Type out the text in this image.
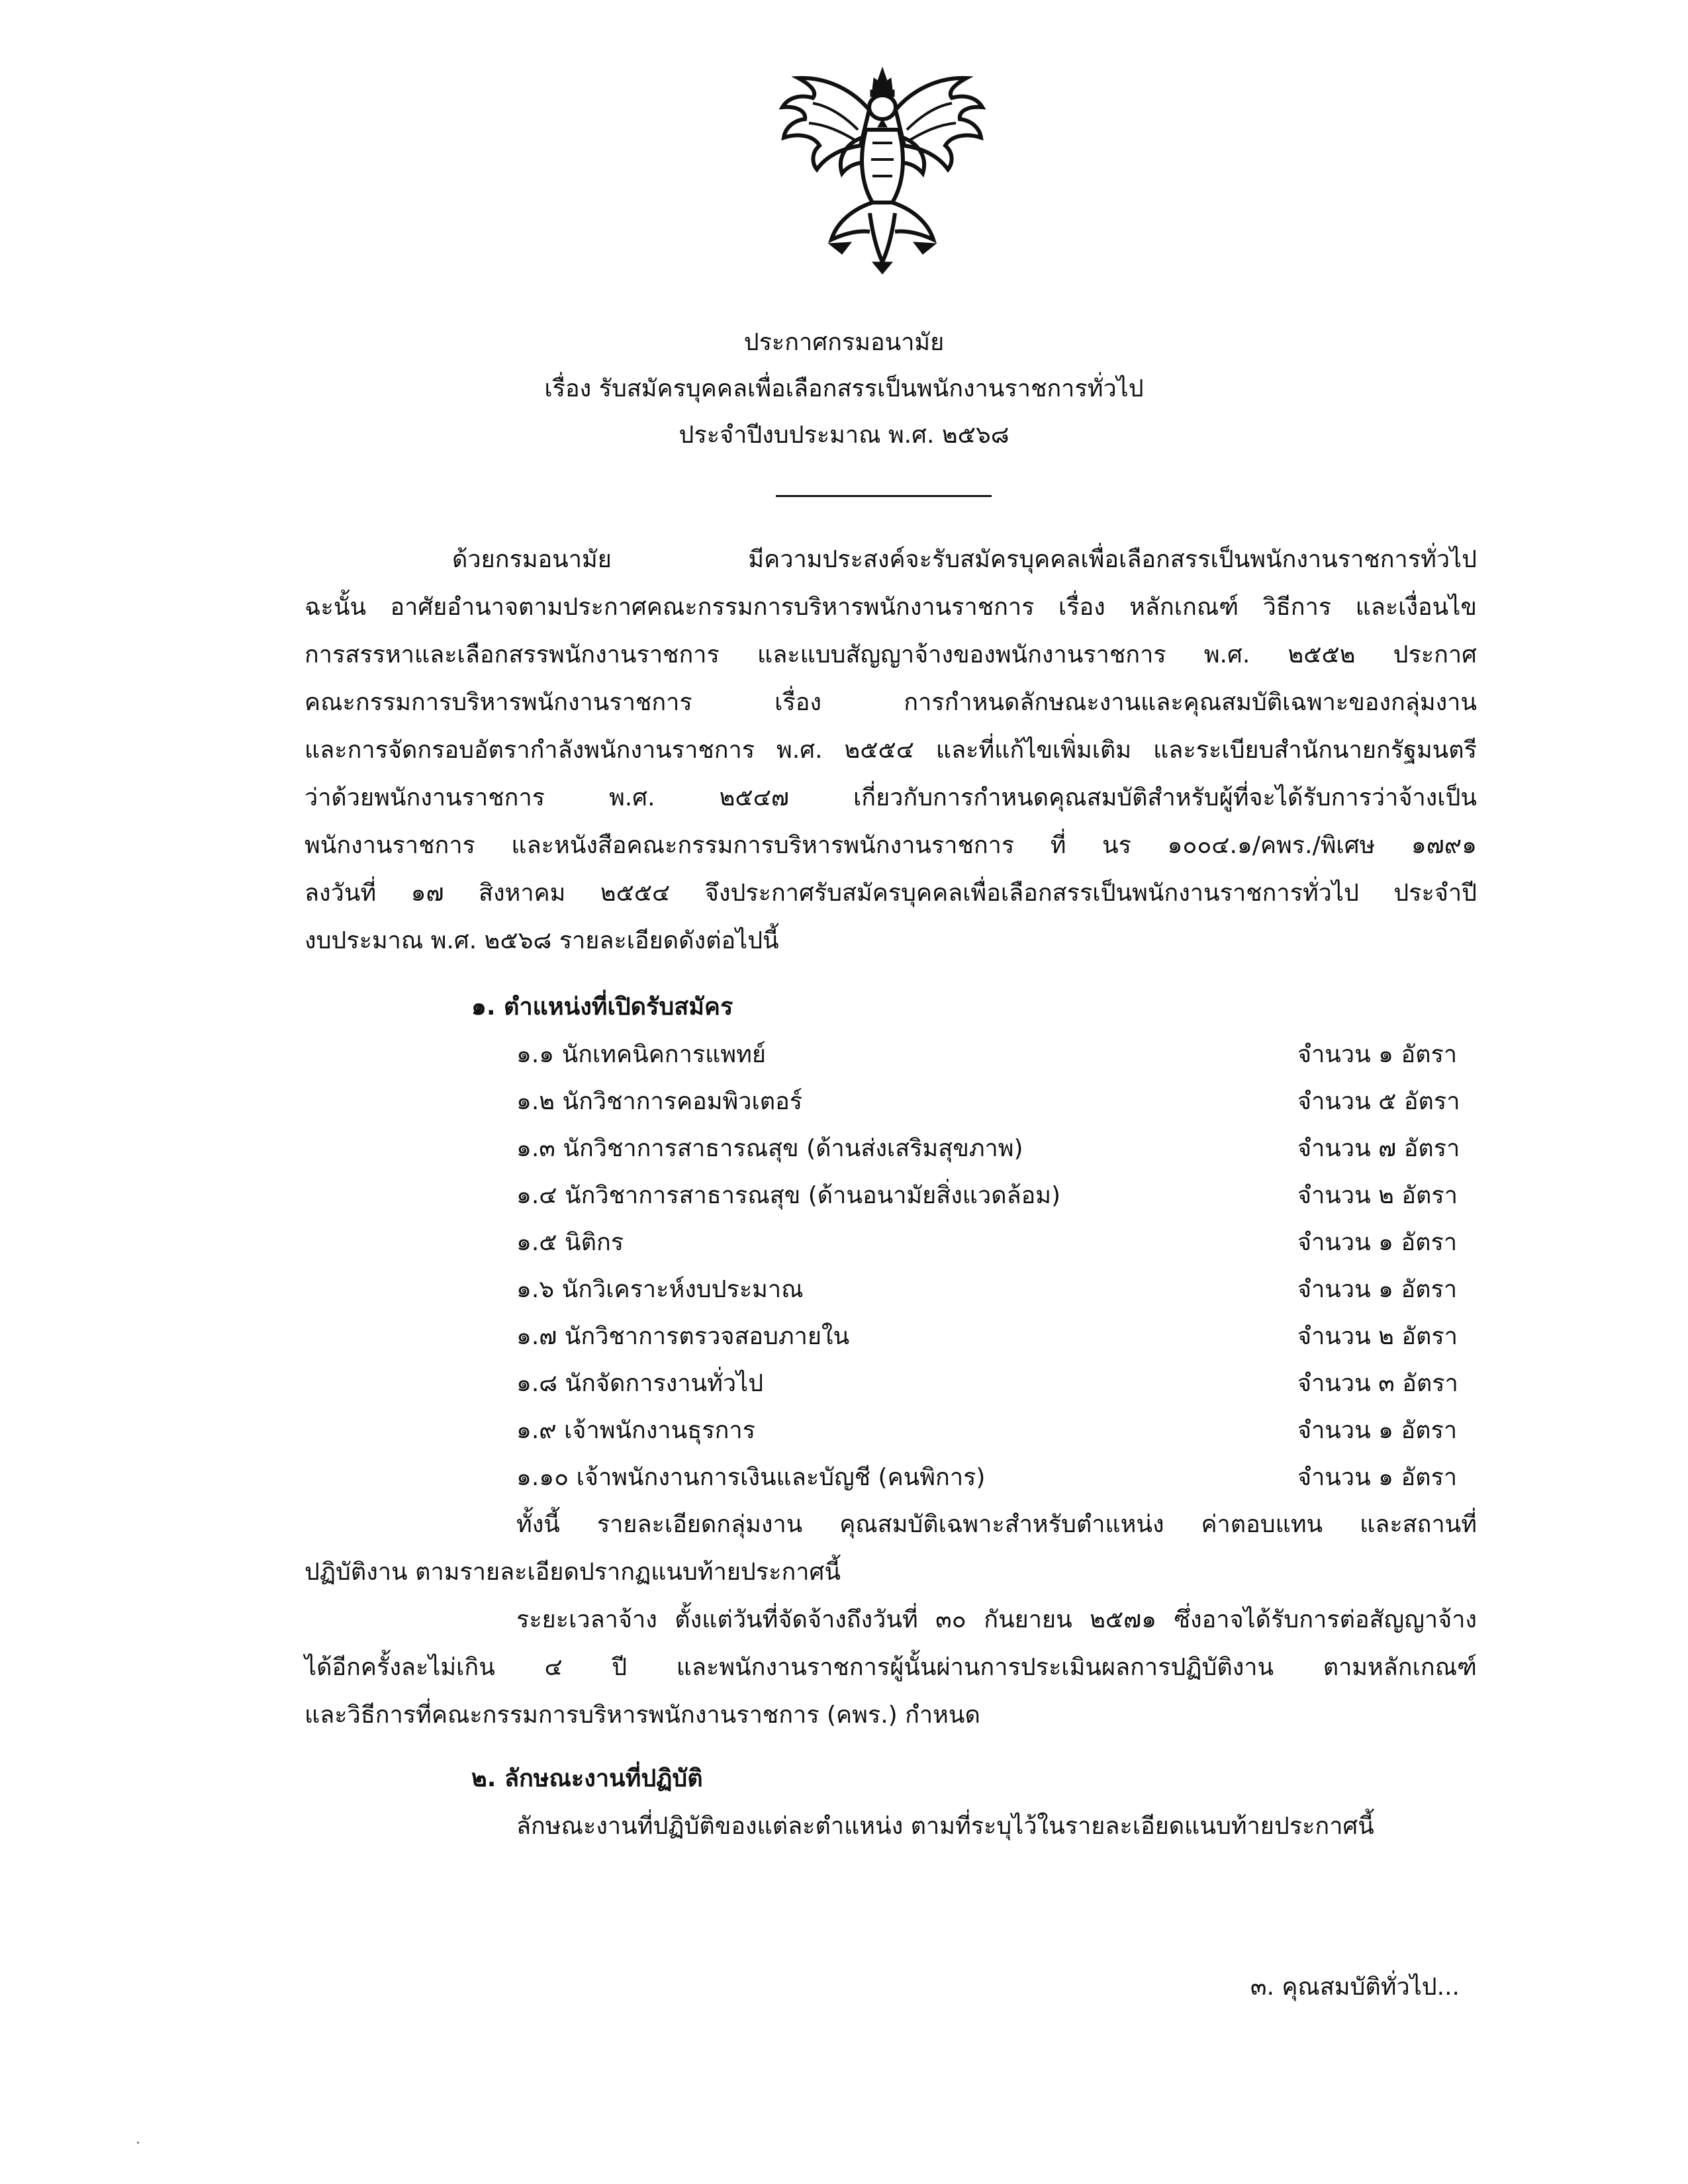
ประกาศกรมอนามัย
เรื่อง รับสมัครบุคคลเพื่อเลือกสรรเป็นพนักงานราชการทั่วไป
ประจำปีงบประมาณ พ.ศ. ๒๕๖๘
ด้วยกรมอนามัย มีความประสงค์จะรับสมัครบุคคลเพื่อเลือกสรรเป็นพนักงานราชการทั่วไป
ฉะนั้น อาศัยอำนาจตามประกาศคณะกรรมการบริหารพนักงานราชการ เรื่อง หลักเกณฑ์ วิธีการ และเงื่อนไข
การสรรหาและเลือกสรรพนักงานราชการ และแบบสัญญาจ้างของพนักงานราชการ พ.ศ. ๒๕๕๒ ประกาศ
คณะกรรมการบริหารพนักงานราชการ เรื่อง การกำหนดลักษณะงานและคุณสมบัติเฉพาะของกลุ่มงาน
และการจัดกรอบอัตรากำลังพนักงานราชการ พ.ศ. ๒๕๕๔ และที่แก้ไขเพิ่มเติม และระเบียบสำนักนายกรัฐมนตรี
ว่าด้วยพนักงานราชการ พ.ศ. ๒๕๔๗ เกี่ยวกับการกำหนดคุณสมบัติสำหรับผู้ที่จะได้รับการว่าจ้างเป็น
พนักงานราชการ และหนังสือคณะกรรมการบริหารพนักงานราชการ ที่ นร ๑๐๐๔.๑/คพร./พิเศษ ๑๗๙๑
ลงวันที่ ๑๗ สิงหาคม ๒๕๕๔ จึงประกาศรับสมัครบุคคลเพื่อเลือกสรรเป็นพนักงานราชการทั่วไป ประจำปี
งบประมาณ พ.ศ. ๒๕๖๘ รายละเอียดดังต่อไปนี้
๑. ตำแหน่งที่เปิดรับสมัคร
๑.๑ นักเทคนิคการแพทย์	จำนวน ๑ อัตรา
๑.๒ นักวิชาการคอมพิวเตอร์	จำนวน ๕ อัตรา
๑.๓ นักวิชาการสาธารณสุข (ด้านส่งเสริมสุขภาพ)	จำนวน ๗ อัตรา
๑.๔ นักวิชาการสาธารณสุข (ด้านอนามัยสิ่งแวดล้อม)	จำนวน ๒ อัตรา
๑.๕ นิติกร	จำนวน ๑ อัตรา
๑.๖ นักวิเคราะห์งบประมาณ	จำนวน ๑ อัตรา
๑.๗ นักวิชาการตรวจสอบภายใน	จำนวน ๒ อัตรา
๑.๘ นักจัดการงานทั่วไป	จำนวน ๓ อัตรา
๑.๙ เจ้าพนักงานธุรการ	จำนวน ๑ อัตรา
๑.๑๐ เจ้าพนักงานการเงินและบัญชี (คนพิการ)	จำนวน ๑ อัตรา
ทั้งนี้ รายละเอียดกลุ่มงาน คุณสมบัติเฉพาะสำหรับตำแหน่ง ค่าตอบแทน และสถานที่
ปฏิบัติงาน ตามรายละเอียดปรากฏแนบท้ายประกาศนี้
ระยะเวลาจ้าง ตั้งแต่วันที่จัดจ้างถึงวันที่ ๓๐ กันยายน ๒๕๗๑ ซึ่งอาจได้รับการต่อสัญญาจ้าง
ได้อีกครั้งละไม่เกิน ๔ ปี และพนักงานราชการผู้นั้นผ่านการประเมินผลการปฏิบัติงาน ตามหลักเกณฑ์
และวิธีการที่คณะกรรมการบริหารพนักงานราชการ (คพร.) กำหนด
๒. ลักษณะงานที่ปฏิบัติ
ลักษณะงานที่ปฏิบัติของแต่ละตำแหน่ง ตามที่ระบุไว้ในรายละเอียดแนบท้ายประกาศนี้
๓. คุณสมบัติทั่วไป...
